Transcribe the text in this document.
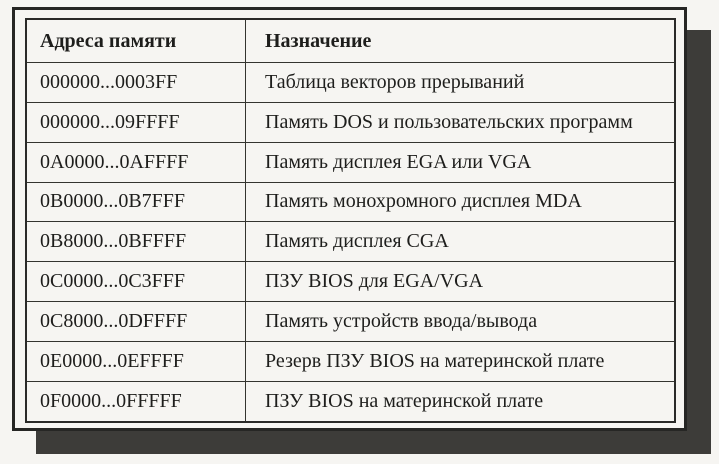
Адреса памяти	Назначение
000000...0003FF	Таблица векторов прерываний
000000...09FFFF	Память DOS и пользовательских программ
0A0000...0AFFFF	Память дисплея EGA или VGA
0B0000...0B7FFF	Память монохромного дисплея MDA
0B8000...0BFFFF	Память дисплея CGA
0C0000...0C3FFF	ПЗУ BIOS для EGA/VGA
0C8000...0DFFFF	Память устройств ввода/вывода
0E0000...0EFFFF	Резерв ПЗУ BIOS на материнской плате
0F0000...0FFFFF	ПЗУ BIOS на материнской плате
